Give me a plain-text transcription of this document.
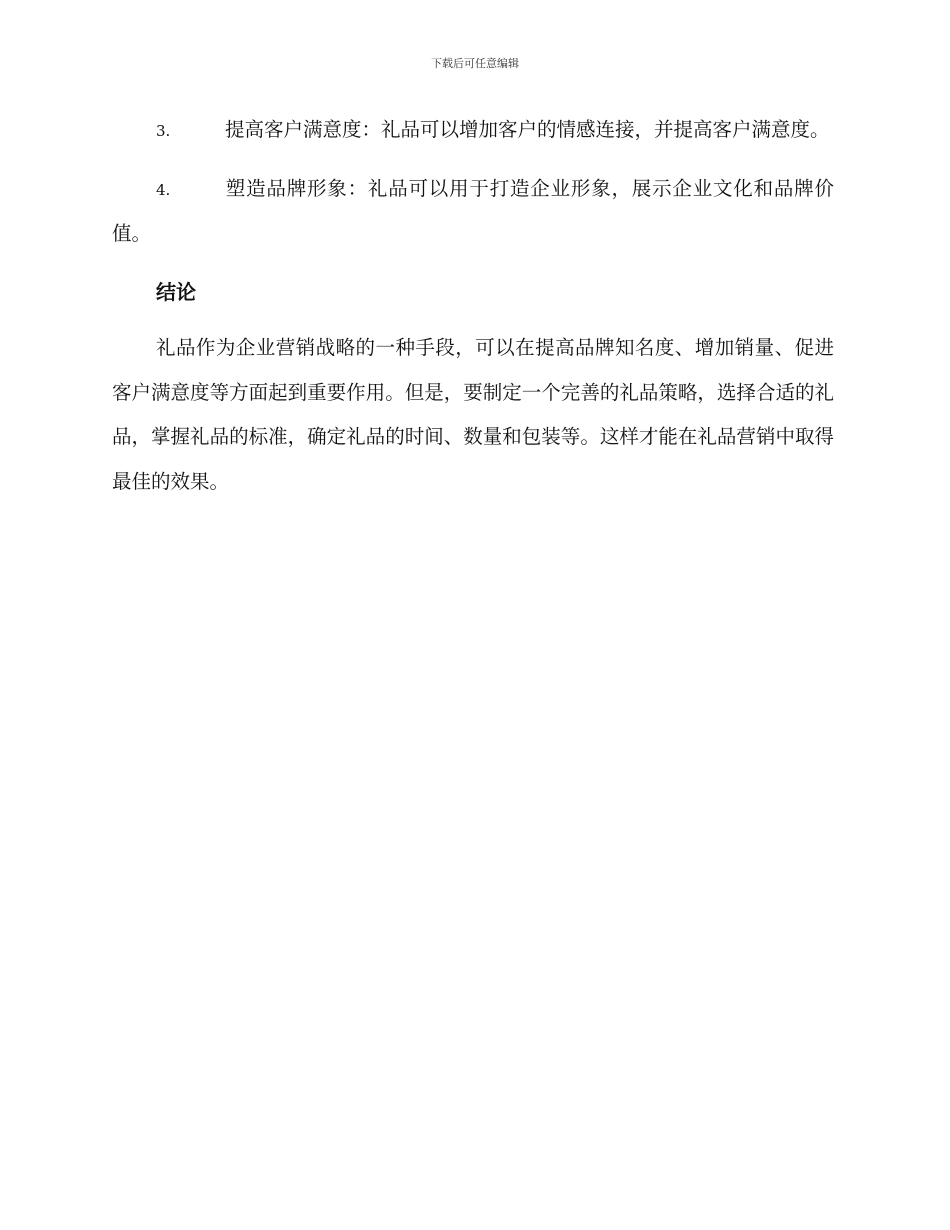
下载后可任意编辑

3.	提高客户满意度：礼品可以增加客户的情感连接，并提高客户满意度。

4.	塑造品牌形象：礼品可以用于打造企业形象，展示企业文化和品牌价值。

结论

礼品作为企业营销战略的一种手段，可以在提高品牌知名度、增加销量、促进客户满意度等方面起到重要作用。但是，要制定一个完善的礼品策略，选择合适的礼品，掌握礼品的标准，确定礼品的时间、数量和包装等。这样才能在礼品营销中取得最佳的效果。
